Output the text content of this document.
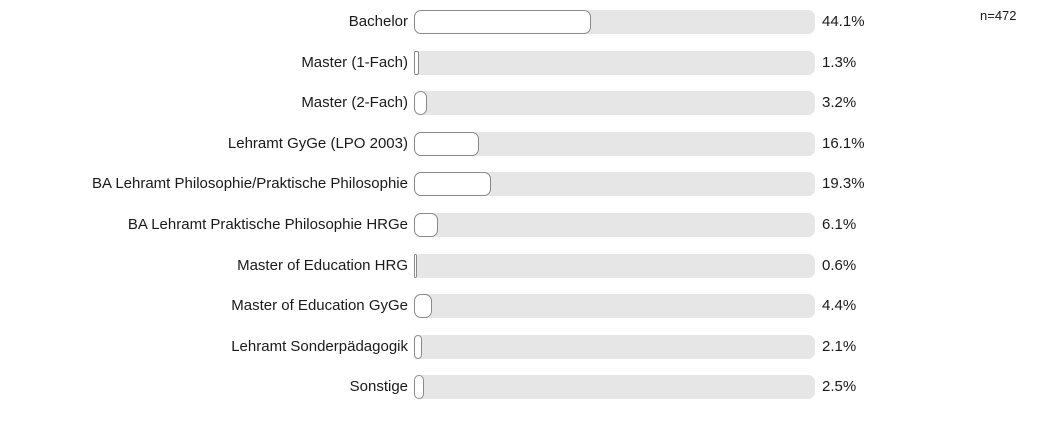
n=472
Bachelor	44.1%
Master (1-Fach)	1.3%
Master (2-Fach)	3.2%
Lehramt GyGe (LPO 2003)	16.1%
BA Lehramt Philosophie/Praktische Philosophie	19.3%
BA Lehramt Praktische Philosophie HRGe	6.1%
Master of Education HRG	0.6%
Master of Education GyGe	4.4%
Lehramt Sonderpädagogik	2.1%
Sonstige	2.5%
